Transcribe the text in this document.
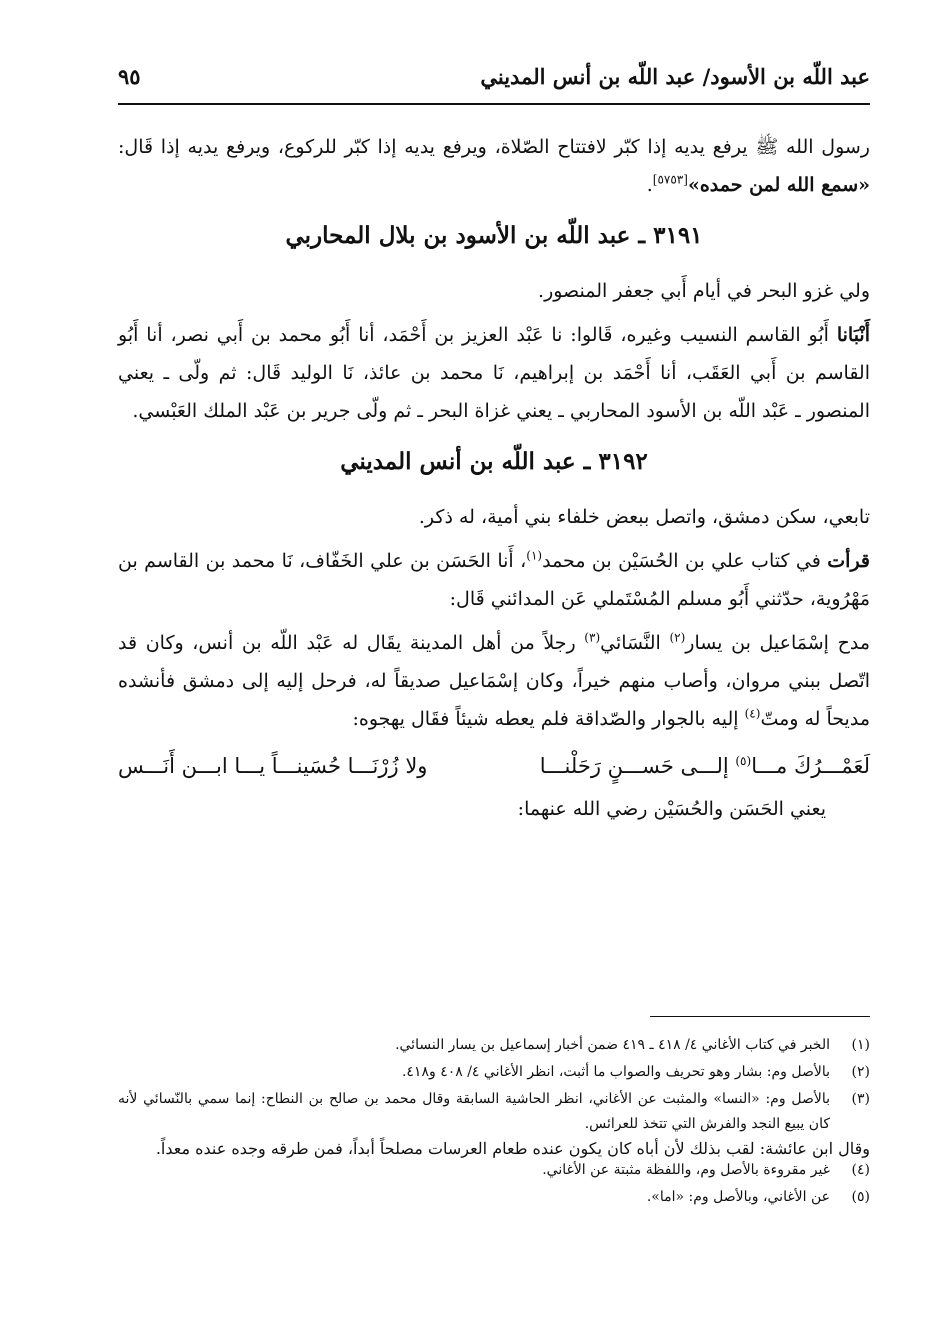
عبد اللّه بن الأسود/ عبد اللّه بن أنس المديني
٩٥

رسول الله ﷺ يرفع يديه إذا كبّر لافتتاح الصّلاة، ويرفع يديه إذا كبّر للركوع، ويرفع يديه إذا قَال: «سمع الله لمن حمده»[٥٧٥٣].

٣١٩١ ـ عبد اللّه بن الأسود بن بلال المحاربي

ولي غزو البحر في أيام أَبي جعفر المنصور.

أَنْبَانا أَبُو القاسم النسيب وغيره، قَالوا: نا عَبْد العزيز بن أَحْمَد، أنا أَبُو محمد بن أَبي نصر، أنا أَبُو القاسم بن أَبي العَقَب، أنا أَحْمَد بن إبراهيم، نَا محمد بن عائذ، نَا الوليد قَال: ثم ولّى ـ يعني المنصور ـ عَبْد اللّه بن الأسود المحاربي ـ يعني غزاة البحر ـ ثم ولّى جرير بن عَبْد الملك العَبْسي.

٣١٩٢ ـ عبد اللّه بن أنس المديني

تابعي، سكن دمشق، واتصل ببعض خلفاء بني أمية، له ذكر.

قرأت في كتاب علي بن الحُسَيْن بن محمد$^{(١)}$، أَنا الحَسَن بن علي الخَفّاف، نَا محمد بن القاسم بن مَهْرُوية، حدّثني أَبُو مسلم المُسْتَملي عَن المدائني قَال:

مدح إسْمَاعيل بن يسار$^{(٢)}$ النَّسَائي$^{(٣)}$ رجلاً من أهل المدينة يقَال له عَبْد اللّه بن أنس، وكان قد اتّصل ببني مروان، وأصاب منهم خيراً، وكان إسْمَاعيل صديقاً له، فرحل إليه إلى دمشق فأنشده مديحاً له ومتّ$^{(٤)}$ إليه بالجوار والصّداقة فلم يعطه شيئاً فقَال يهجوه:

لَعَمْـــرُكَ مـــا$^{(٥)}$ إلـــى حَســـنٍ رَحَلْنـــا
ولا زُرْنَـــا حُسَينـــاً يـــا ابـــن أَنَـــس

يعني الحَسَن والحُسَيْن رضي الله عنهما:

(١)
الخبر في كتاب الأغاني ٤/ ٤١٨ ـ ٤١٩ ضمن أخبار إسماعيل بن يسار النسائي.
(٢)
بالأصل وم: بشار وهو تحريف والصواب ما أثبت، انظر الأغاني ٤/ ٤٠٨ و٤١٨.
(٣)
بالأصل وم: «النسا» والمثبت عن الأغاني، انظر الحاشية السابقة وقال محمد بن صالح بن النطاح: إنما سمي بالنّسائي لأنه كان يبيع النجد والفرش التي تتخذ للعرائس.
وقال ابن عائشة: لقب بذلك لأن أباه كان يكون عنده طعام العرسات مصلحاً أبداً، فمن طرقه وجده عنده معداً.
(٤)
غير مقروءة بالأصل وم، واللفظة مثبتة عن الأغاني.
(٥)
عن الأغاني، وبالأصل وم: «اما».
